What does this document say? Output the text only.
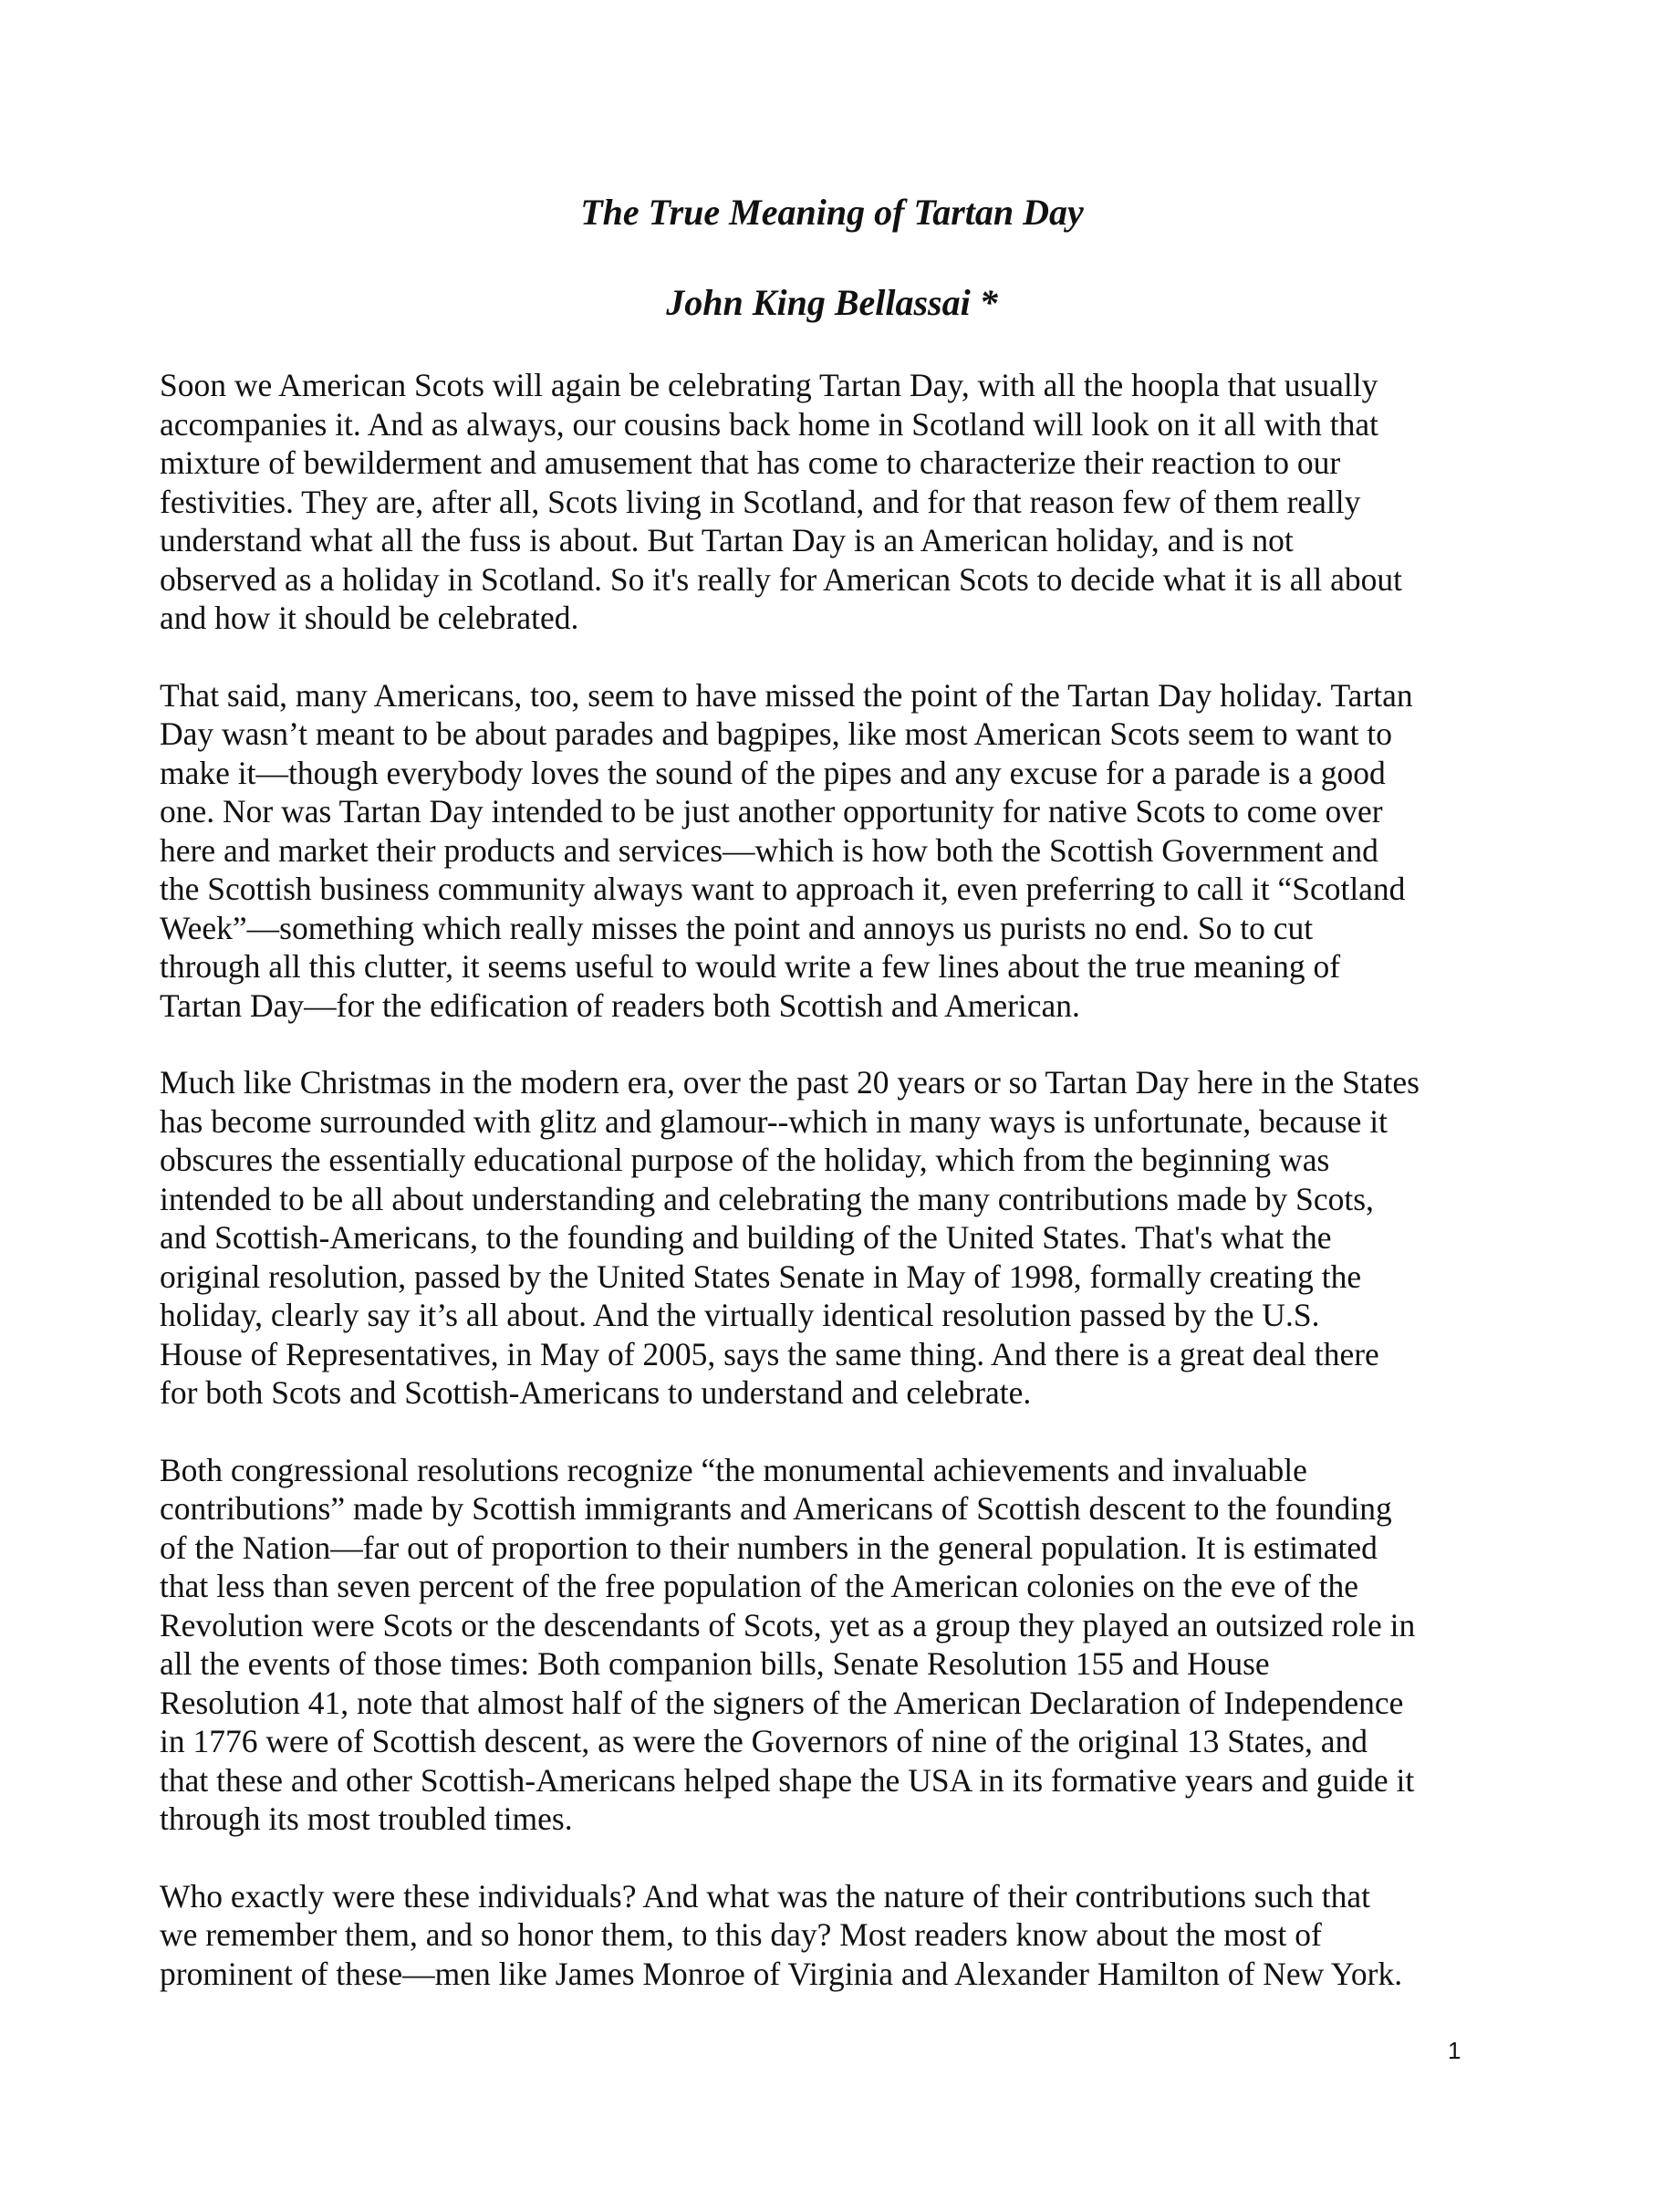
The True Meaning of Tartan Day
John King Bellassai *

Soon we American Scots will again be celebrating Tartan Day, with all the hoopla that usually
accompanies it. And as always, our cousins back home in Scotland will look on it all with that
mixture of bewilderment and amusement that has come to characterize their reaction to our
festivities. They are, after all, Scots living in Scotland, and for that reason few of them really
understand what all the fuss is about. But Tartan Day is an American holiday, and is not
observed as a holiday in Scotland. So it's really for American Scots to decide what it is all about
and how it should be celebrated.

That said, many Americans, too, seem to have missed the point of the Tartan Day holiday. Tartan
Day wasn’t meant to be about parades and bagpipes, like most American Scots seem to want to
make it—though everybody loves the sound of the pipes and any excuse for a parade is a good
one. Nor was Tartan Day intended to be just another opportunity for native Scots to come over
here and market their products and services—which is how both the Scottish Government and
the Scottish business community always want to approach it, even preferring to call it “Scotland
Week”—something which really misses the point and annoys us purists no end. So to cut
through all this clutter, it seems useful to would write a few lines about the true meaning of
Tartan Day—for the edification of readers both Scottish and American.

Much like Christmas in the modern era, over the past 20 years or so Tartan Day here in the States
has become surrounded with glitz and glamour--which in many ways is unfortunate, because it
obscures the essentially educational purpose of the holiday, which from the beginning was
intended to be all about understanding and celebrating the many contributions made by Scots,
and Scottish-Americans, to the founding and building of the United States. That's what the
original resolution, passed by the United States Senate in May of 1998, formally creating the
holiday, clearly say it’s all about. And the virtually identical resolution passed by the U.S.
House of Representatives, in May of 2005, says the same thing. And there is a great deal there
for both Scots and Scottish-Americans to understand and celebrate.

Both congressional resolutions recognize “the monumental achievements and invaluable
contributions” made by Scottish immigrants and Americans of Scottish descent to the founding
of the Nation—far out of proportion to their numbers in the general population. It is estimated
that less than seven percent of the free population of the American colonies on the eve of the
Revolution were Scots or the descendants of Scots, yet as a group they played an outsized role in
all the events of those times: Both companion bills, Senate Resolution 155 and House
Resolution 41, note that almost half of the signers of the American Declaration of Independence
in 1776 were of Scottish descent, as were the Governors of nine of the original 13 States, and
that these and other Scottish-Americans helped shape the USA in its formative years and guide it
through its most troubled times.

Who exactly were these individuals? And what was the nature of their contributions such that
we remember them, and so honor them, to this day? Most readers know about the most of
prominent of these—men like James Monroe of Virginia and Alexander Hamilton of New York.

1
